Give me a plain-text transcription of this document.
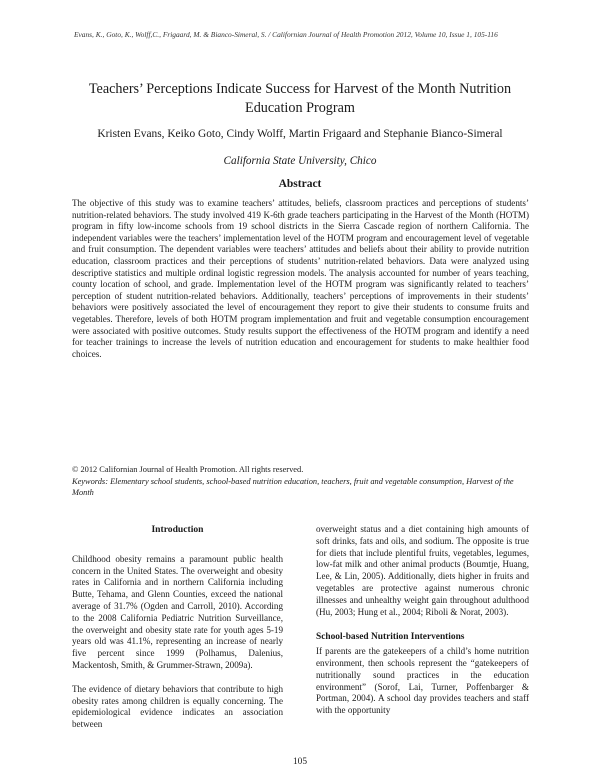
Evans, K., Goto, K., Wolff,C., Frigaard, M. & Bianco-Simeral, S. / Californian Journal of Health Promotion 2012, Volume 10, Issue 1, 105-116
Teachers’ Perceptions Indicate Success for Harvest of the Month Nutrition Education Program
Kristen Evans, Keiko Goto, Cindy Wolff, Martin Frigaard and Stephanie Bianco-Simeral
California State University, Chico
Abstract

The objective of this study was to examine teachers’ attitudes, beliefs, classroom practices and perceptions of students’ nutrition-related behaviors. The study involved 419 K-6th grade teachers participating in the Harvest of the Month (HOTM) program in fifty low-income schools from 19 school districts in the Sierra Cascade region of northern California. The independent variables were the teachers’ implementation level of the HOTM program and encouragement level of vegetable and fruit consumption. The dependent variables were teachers’ attitudes and beliefs about their ability to provide nutrition education, classroom practices and their perceptions of students’ nutrition-related behaviors. Data were analyzed using descriptive statistics and multiple ordinal logistic regression models. The analysis accounted for number of years teaching, county location of school, and grade. Implementation level of the HOTM program was significantly related to teachers’ perception of student nutrition-related behaviors. Additionally, teachers’ perceptions of improvements in their students’ behaviors were positively associated the level of encouragement they report to give their students to consume fruits and vegetables. Therefore, levels of both HOTM program implementation and fruit and vegetable consumption encouragement were associated with positive outcomes. Study results support the effectiveness of the HOTM program and identify a need for teacher trainings to increase the levels of nutrition education and encouragement for students to make healthier food choices.

© 2012 Californian Journal of Health Promotion. All rights reserved.
Keywords: Elementary school students, school-based nutrition education, teachers, fruit and vegetable consumption, Harvest of the Month
Introduction

Childhood obesity remains a paramount public health concern in the United States. The overweight and obesity rates in California and in northern California including Butte, Tehama, and Glenn Counties, exceed the national average of 31.7% (Ogden and Carroll, 2010). According to the 2008 California Pediatric Nutrition Surveillance, the overweight and obesity state rate for youth ages 5-19 years old was 41.1%, representing an increase of nearly five percent since 1999 (Polhamus, Dalenius, Mackentosh, Smith, & Grummer-Strawn, 2009a).

The evidence of dietary behaviors that contribute to high obesity rates among children is equally concerning. The epidemiological evidence indicates an association between

overweight status and a diet containing high amounts of soft drinks, fats and oils, and sodium. The opposite is true for diets that include plentiful fruits, vegetables, legumes, low-fat milk and other animal products (Boumtje, Huang, Lee, & Lin, 2005). Additionally, diets higher in fruits and vegetables are protective against numerous chronic illnesses and unhealthy weight gain throughout adulthood (Hu, 2003; Hung et al., 2004; Riboli & Norat, 2003).

School-based Nutrition Interventions

If parents are the gatekeepers of a child’s home nutrition environment, then schools represent the “gatekeepers of nutritionally sound practices in the education environment” (Sorof, Lai, Turner, Poffenbarger & Portman, 2004). A school day provides teachers and staff with the opportunity

105
